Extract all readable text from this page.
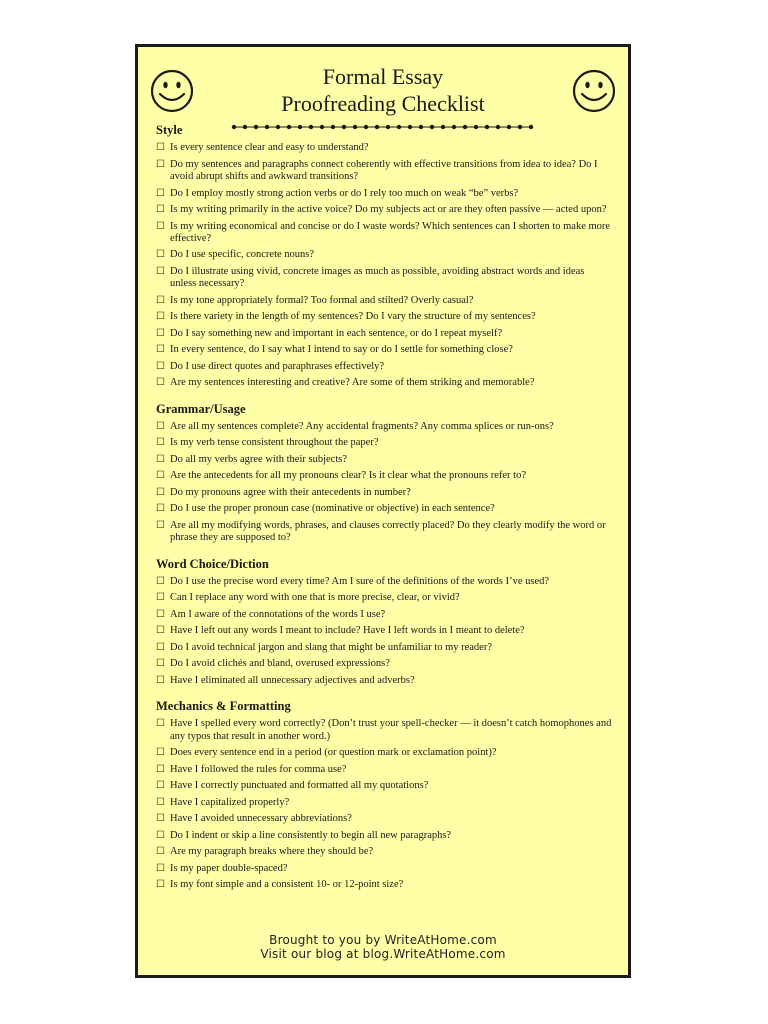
Formal Essay
Proofreading Checklist
Style
☐ Is every sentence clear and easy to understand?
☐ Do my sentences and paragraphs connect coherently with effective transitions from idea to idea? Do I avoid abrupt shifts and awkward transitions?
☐ Do I employ mostly strong action verbs or do I rely too much on weak “be” verbs?
☐ Is my writing primarily in the active voice? Do my subjects act or are they often passive — acted upon?
☐ Is my writing economical and concise or do I waste words? Which sentences can I shorten to make more effective?
☐ Do I use specific, concrete nouns?
☐ Do I illustrate using vivid, concrete images as much as possible, avoiding abstract words and ideas unless necessary?
☐ Is my tone appropriately formal? Too formal and stilted? Overly casual?
☐ Is there variety in the length of my sentences? Do I vary the structure of my sentences?
☐ Do I say something new and important in each sentence, or do I repeat myself?
☐ In every sentence, do I say what I intend to say or do I settle for something close?
☐ Do I use direct quotes and paraphrases effectively?
☐ Are my sentences interesting and creative? Are some of them striking and memorable?
Grammar/Usage
☐ Are all my sentences complete? Any accidental fragments? Any comma splices or run-ons?
☐ Is my verb tense consistent throughout the paper?
☐ Do all my verbs agree with their subjects?
☐ Are the antecedents for all my pronouns clear? Is it clear what the pronouns refer to?
☐ Do my pronouns agree with their antecedents in number?
☐ Do I use the proper pronoun case (nominative or objective) in each sentence?
☐ Are all my modifying words, phrases, and clauses correctly placed? Do they clearly modify the word or phrase they are supposed to?
Word Choice/Diction
☐ Do I use the precise word every time? Am I sure of the definitions of the words I’ve used?
☐ Can I replace any word with one that is more precise, clear, or vivid?
☐ Am I aware of the connotations of the words I use?
☐ Have I left out any words I meant to include? Have I left words in I meant to delete?
☐ Do I avoid technical jargon and slang that might be unfamiliar to my reader?
☐ Do I avoid clichés and bland, overused expressions?
☐ Have I eliminated all unnecessary adjectives and adverbs?
Mechanics & Formatting
☐ Have I spelled every word correctly? (Don’t trust your spell-checker — it doesn’t catch homophones and any typos that result in another word.)
☐ Does every sentence end in a period (or question mark or exclamation point)?
☐ Have I followed the rules for comma use?
☐ Have I correctly punctuated and formatted all my quotations?
☐ Have I capitalized properly?
☐ Have I avoided unnecessary abbreviations?
☐ Do I indent or skip a line consistently to begin all new paragraphs?
☐ Are my paragraph breaks where they should be?
☐ Is my paper double-spaced?
☐ Is my font simple and a consistent 10- or 12-point size?
Brought to you by WriteAtHome.com
Visit our blog at blog.WriteAtHome.com
